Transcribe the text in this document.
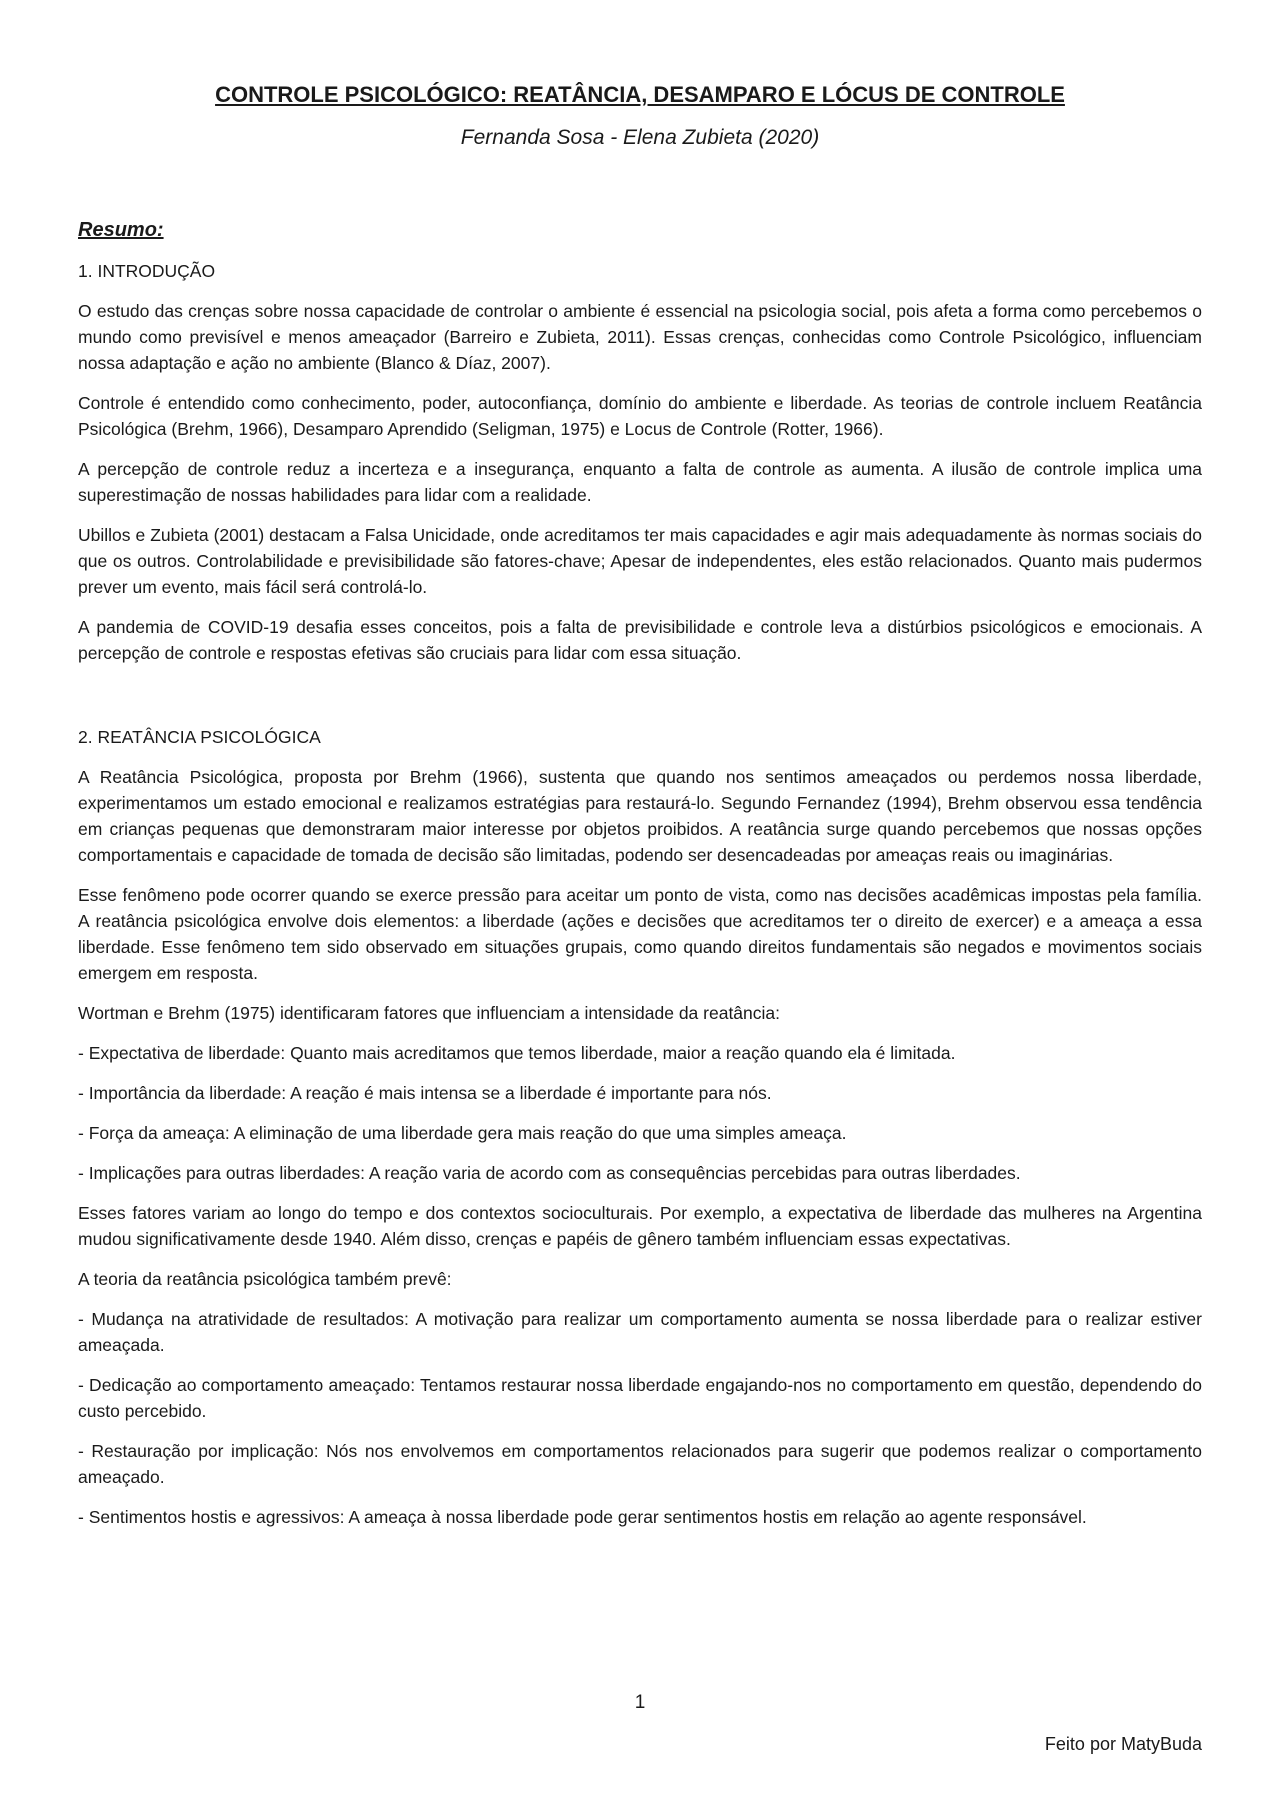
CONTROLE PSICOLÓGICO: REATÂNCIA, DESAMPARO E LÓCUS DE CONTROLE

Fernanda Sosa - Elena Zubieta (2020)

Resumo:

1. INTRODUÇÃO

O estudo das crenças sobre nossa capacidade de controlar o ambiente é essencial na psicologia social, pois afeta a forma como percebemos o mundo como previsível e menos ameaçador (Barreiro e Zubieta, 2011). Essas crenças, conhecidas como Controle Psicológico, influenciam nossa adaptação e ação no ambiente (Blanco & Díaz, 2007).

Controle é entendido como conhecimento, poder, autoconfiança, domínio do ambiente e liberdade. As teorias de controle incluem Reatância Psicológica (Brehm, 1966), Desamparo Aprendido (Seligman, 1975) e Locus de Controle (Rotter, 1966).

A percepção de controle reduz a incerteza e a insegurança, enquanto a falta de controle as aumenta. A ilusão de controle implica uma superestimação de nossas habilidades para lidar com a realidade.

Ubillos e Zubieta (2001) destacam a Falsa Unicidade, onde acreditamos ter mais capacidades e agir mais adequadamente às normas sociais do que os outros. Controlabilidade e previsibilidade são fatores-chave; Apesar de independentes, eles estão relacionados. Quanto mais pudermos prever um evento, mais fácil será controlá-lo.

A pandemia de COVID-19 desafia esses conceitos, pois a falta de previsibilidade e controle leva a distúrbios psicológicos e emocionais. A percepção de controle e respostas efetivas são cruciais para lidar com essa situação.

2. REATÂNCIA PSICOLÓGICA

A Reatância Psicológica, proposta por Brehm (1966), sustenta que quando nos sentimos ameaçados ou perdemos nossa liberdade, experimentamos um estado emocional e realizamos estratégias para restaurá-lo. Segundo Fernandez (1994), Brehm observou essa tendência em crianças pequenas que demonstraram maior interesse por objetos proibidos. A reatância surge quando percebemos que nossas opções comportamentais e capacidade de tomada de decisão são limitadas, podendo ser desencadeadas por ameaças reais ou imaginárias.

Esse fenômeno pode ocorrer quando se exerce pressão para aceitar um ponto de vista, como nas decisões acadêmicas impostas pela família. A reatância psicológica envolve dois elementos: a liberdade (ações e decisões que acreditamos ter o direito de exercer) e a ameaça a essa liberdade. Esse fenômeno tem sido observado em situações grupais, como quando direitos fundamentais são negados e movimentos sociais emergem em resposta.

Wortman e Brehm (1975) identificaram fatores que influenciam a intensidade da reatância:

- Expectativa de liberdade: Quanto mais acreditamos que temos liberdade, maior a reação quando ela é limitada.

- Importância da liberdade: A reação é mais intensa se a liberdade é importante para nós.

- Força da ameaça: A eliminação de uma liberdade gera mais reação do que uma simples ameaça.

- Implicações para outras liberdades: A reação varia de acordo com as consequências percebidas para outras liberdades.

Esses fatores variam ao longo do tempo e dos contextos socioculturais. Por exemplo, a expectativa de liberdade das mulheres na Argentina mudou significativamente desde 1940. Além disso, crenças e papéis de gênero também influenciam essas expectativas.

A teoria da reatância psicológica também prevê:

- Mudança na atratividade de resultados: A motivação para realizar um comportamento aumenta se nossa liberdade para o realizar estiver ameaçada.

- Dedicação ao comportamento ameaçado: Tentamos restaurar nossa liberdade engajando-nos no comportamento em questão, dependendo do custo percebido.

- Restauração por implicação: Nós nos envolvemos em comportamentos relacionados para sugerir que podemos realizar o comportamento ameaçado.

- Sentimentos hostis e agressivos: A ameaça à nossa liberdade pode gerar sentimentos hostis em relação ao agente responsável.

1
Feito por MatyBuda
